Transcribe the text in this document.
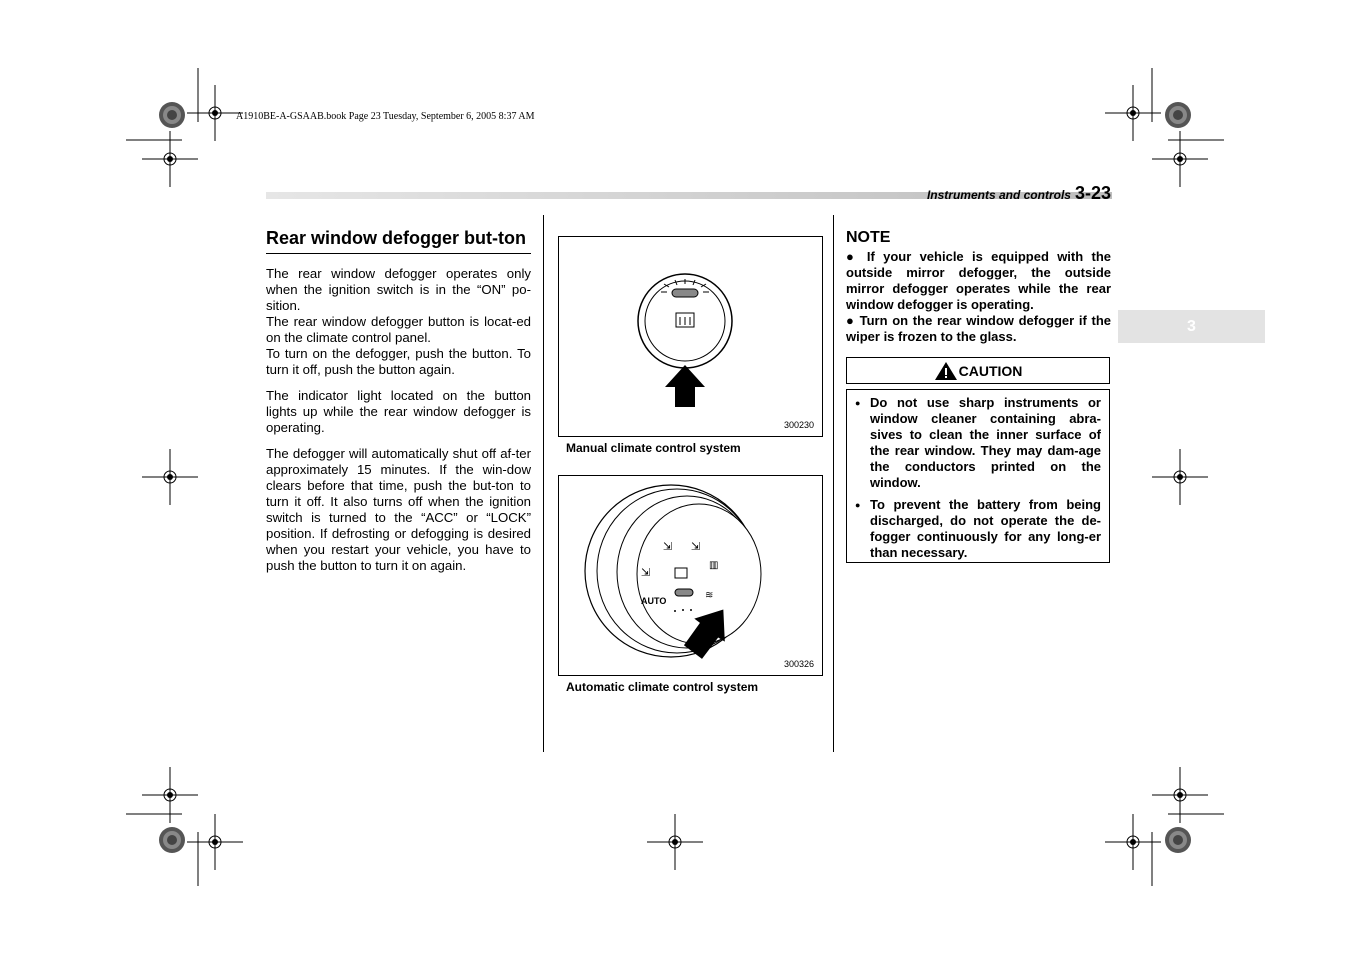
A1910BE-A-GSAAB.book Page 23 Tuesday, September 6, 2005 8:37 AM
Instruments and controls 3-23
3
Rear window defogger but-ton

The rear window defogger operates only when the ignition switch is in the “ON” po-sition.
The rear window defogger button is locat-ed on the climate control panel.
To turn on the defogger, push the button. To turn it off, push the button again.

The indicator light located on the button lights up while the rear window defogger is operating.

The defogger will automatically shut off af-ter approximately 15 minutes. If the win-dow clears before that time, push the but-ton to turn it off. It also turns off when the ignition switch is turned to the “ACC” or “LOCK” position. If defrosting or defogging is desired when you restart your vehicle, you have to push the button to turn it on again.

300230
Manual climate control system
⇲ ⇲
⇲
▥
≋
AUTO
300326
Automatic climate control system
NOTE

● If your vehicle is equipped with the outside mirror defogger, the outside mirror defogger operates while the rear window defogger is operating.

● Turn on the rear window defogger if the wiper is frozen to the glass.

CAUTION
● Do not use sharp instruments or window cleaner containing abra-sives to clean the inner surface of the rear window. They may dam-age the conductors printed on the window.
● To prevent the battery from being discharged, do not operate the de-fogger continuously for any long-er than necessary.
